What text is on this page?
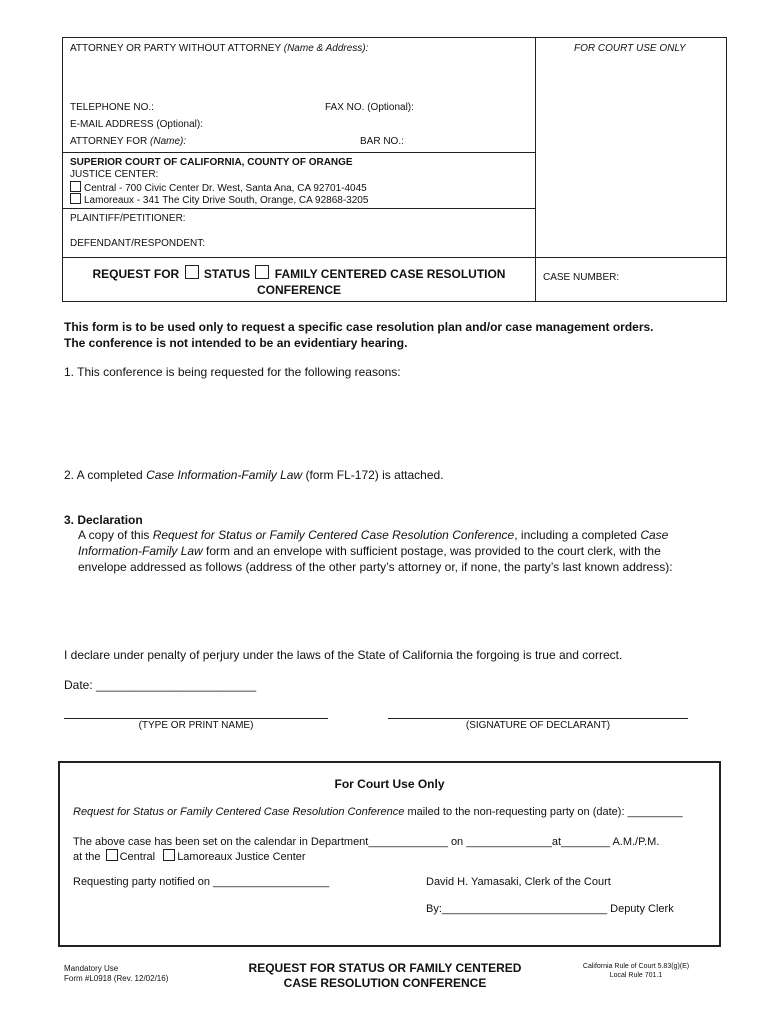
ATTORNEY OR PARTY WITHOUT ATTORNEY (Name & Address):	FOR COURT USE ONLY
TELEPHONE NO.:	FAX NO. (Optional):
E-MAIL ADDRESS (Optional):
ATTORNEY FOR (Name):	BAR NO.:
SUPERIOR COURT OF CALIFORNIA, COUNTY OF ORANGE
JUSTICE CENTER:
Central - 700 Civic Center Dr. West, Santa Ana, CA 92701-4045
Lamoreaux - 341 The City Drive South, Orange, CA 92868-3205
PLAINTIFF/PETITIONER:
DEFENDANT/RESPONDENT:
REQUEST FOR STATUS FAMILY CENTERED CASE RESOLUTION
CONFERENCE
CASE NUMBER:
This form is to be used only to request a specific case resolution plan and/or case management orders.
The conference is not intended to be an evidentiary hearing.
1. This conference is being requested for the following reasons:
2. A completed Case Information-Family Law (form FL-172) is attached.
3. Declaration
A copy of this Request for Status or Family Centered Case Resolution Conference, including a completed Case Information-Family Law form and an envelope with sufficient postage, was provided to the court clerk, with the envelope addressed as follows (address of the other party’s attorney or, if none, the party’s last known address):
I declare under penalty of perjury under the laws of the State of California the forgoing is true and correct.
Date: ________________________
(TYPE OR PRINT NAME)	(SIGNATURE OF DECLARANT)
For Court Use Only
Request for Status or Family Centered Case Resolution Conference mailed to the non-requesting party on (date): _________
The above case has been set on the calendar in Department_____________ on ______________at________ A.M./P.M.
at the Central Lamoreaux Justice Center
Requesting party notified on ___________________	David H. Yamasaki, Clerk of the Court
By:___________________________ Deputy Clerk
Mandatory Use
Form #L0918 (Rev. 12/02/16)
REQUEST FOR STATUS OR FAMILY CENTERED
CASE RESOLUTION CONFERENCE
California Rule of Court 5.83(g)(E)
Local Rule 701.1
